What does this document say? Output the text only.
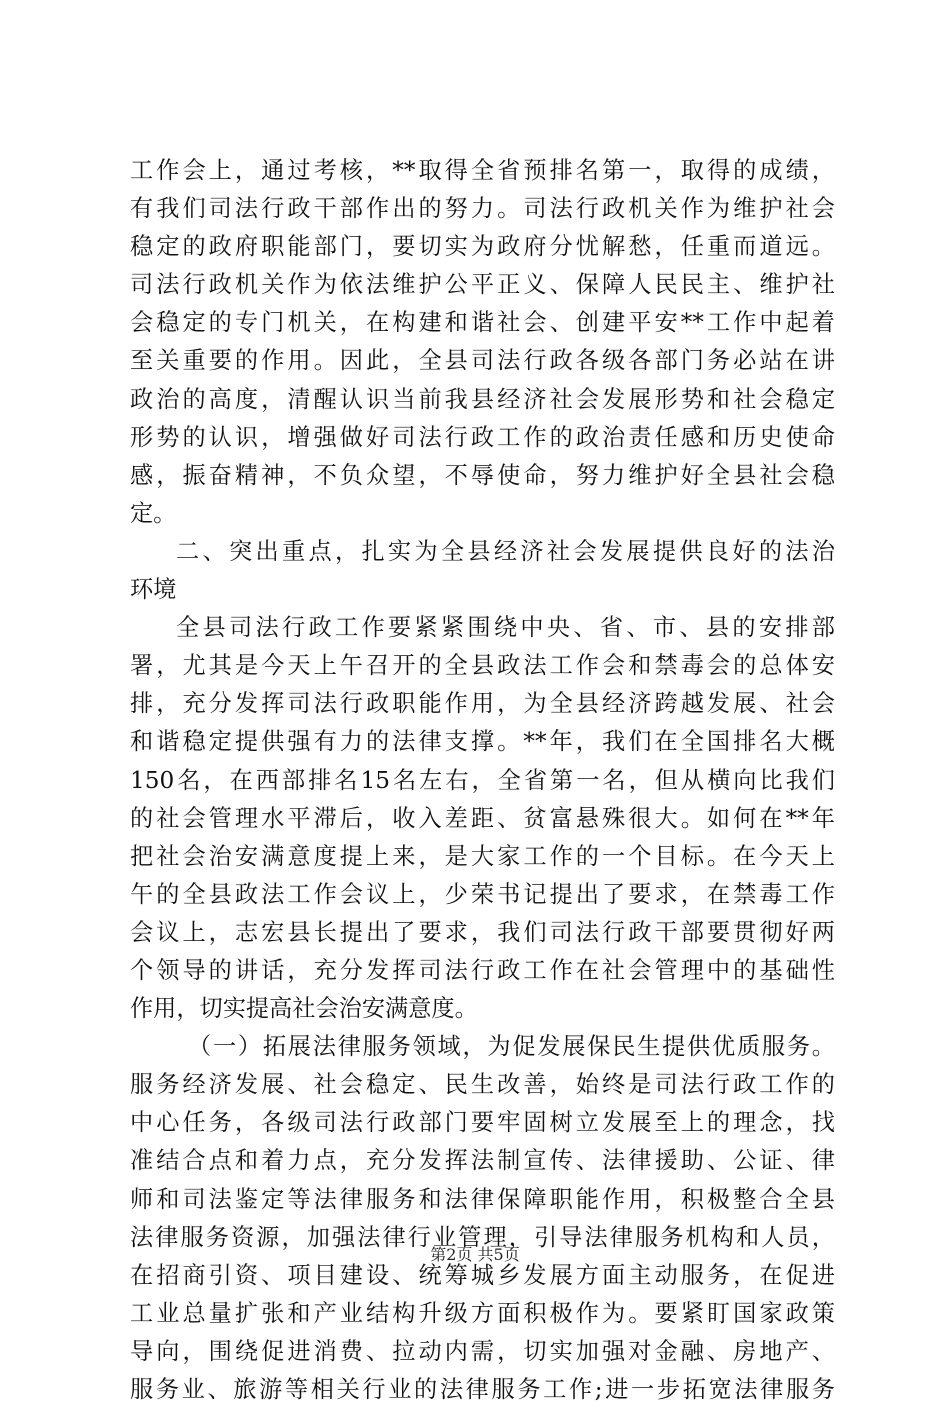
工作会上，通过考核，**取得全省预排名第一，取得的成绩，
有我们司法行政干部作出的努力。司法行政机关作为维护社会
稳定的政府职能部门，要切实为政府分忧解愁，任重而道远。
司法行政机关作为依法维护公平正义、保障人民民主、维护社
会稳定的专门机关，在构建和谐社会、创建平安**工作中起着
至关重要的作用。因此，全县司法行政各级各部门务必站在讲
政治的高度，清醒认识当前我县经济社会发展形势和社会稳定
形势的认识，增强做好司法行政工作的政治责任感和历史使命
感，振奋精神，不负众望，不辱使命，努力维护好全县社会稳
定。
二、突出重点，扎实为全县经济社会发展提供良好的法治
环境
全县司法行政工作要紧紧围绕中央、省、市、县的安排部
署，尤其是今天上午召开的全县政法工作会和禁毒会的总体安
排，充分发挥司法行政职能作用，为全县经济跨越发展、社会
和谐稳定提供强有力的法律支撑。**年，我们在全国排名大概
150名，在西部排名15名左右，全省第一名，但从横向比我们
的社会管理水平滞后，收入差距、贫富悬殊很大。如何在**年
把社会治安满意度提上来，是大家工作的一个目标。在今天上
午的全县政法工作会议上，少荣书记提出了要求，在禁毒工作
会议上，志宏县长提出了要求，我们司法行政干部要贯彻好两
个领导的讲话，充分发挥司法行政工作在社会管理中的基础性
作用，切实提高社会治安满意度。
（一）拓展法律服务领域，为促发展保民生提供优质服务。
服务经济发展、社会稳定、民生改善，始终是司法行政工作的
中心任务，各级司法行政部门要牢固树立发展至上的理念，找
准结合点和着力点，充分发挥法制宣传、法律援助、公证、律
师和司法鉴定等法律服务和法律保障职能作用，积极整合全县
法律服务资源，加强法律行业管理，引导法律服务机构和人员，
在招商引资、项目建设、统筹城乡发展方面主动服务，在促进
工业总量扩张和产业结构升级方面积极作为。要紧盯国家政策
导向，围绕促进消费、拉动内需，切实加强对金融、房地产、
服务业、旅游等相关行业的法律服务工作;进一步拓宽法律服务
第2页 共5页
